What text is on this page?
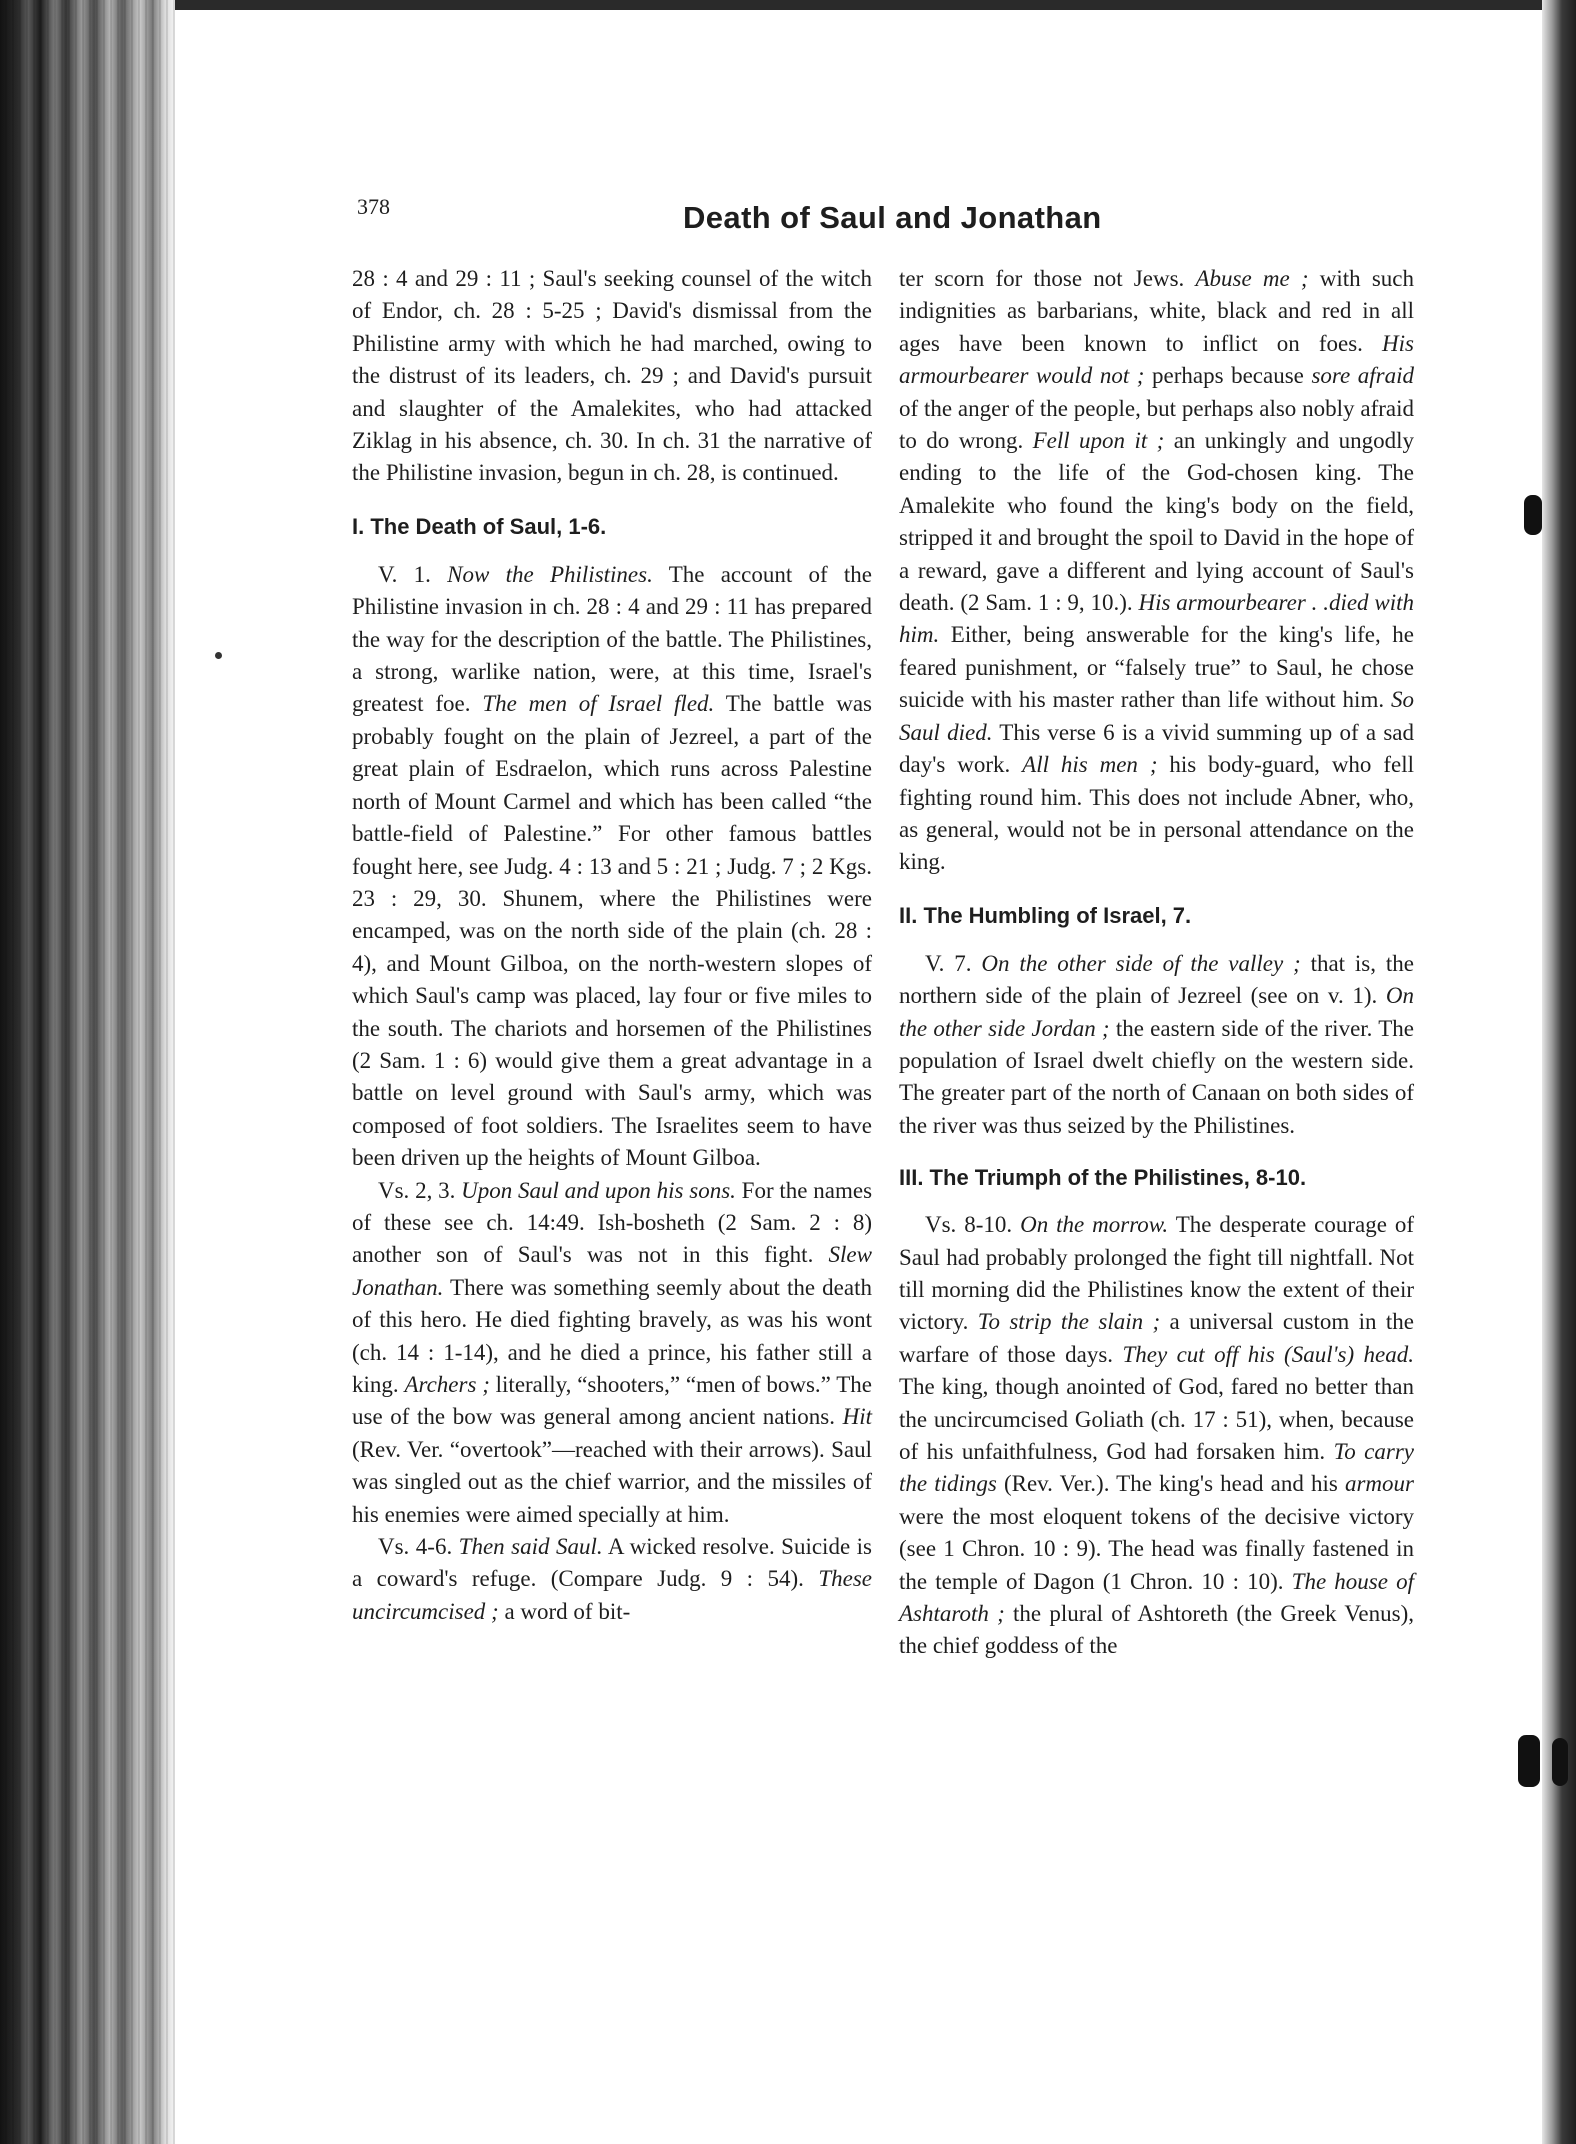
378	Death of Saul and Jonathan

28 : 4 and 29 : 11 ; Saul's seeking counsel of the witch of Endor, ch. 28 : 5-25 ; David's dismissal from the Philistine army with which he had marched, owing to the distrust of its leaders, ch. 29 ; and David's pursuit and slaughter of the Amalekites, who had attacked Ziklag in his absence, ch. 30. In ch. 31 the narrative of the Philistine invasion, begun in ch. 28, is continued.

I. The Death of Saul, 1-6.

V. 1. Now the Philistines. The account of the Philistine invasion in ch. 28 : 4 and 29 : 11 has prepared the way for the description of the battle. The Philistines, a strong, warlike nation, were, at this time, Israel's greatest foe. The men of Israel fled. The battle was probably fought on the plain of Jezreel, a part of the great plain of Esdraelon, which runs across Palestine north of Mount Carmel and which has been called “the battle-field of Palestine.” For other famous battles fought here, see Judg. 4 : 13 and 5 : 21 ; Judg. 7 ; 2 Kgs. 23 : 29, 30. Shunem, where the Philistines were encamped, was on the north side of the plain (ch. 28 : 4), and Mount Gilboa, on the north-western slopes of which Saul's camp was placed, lay four or five miles to the south. The chariots and horsemen of the Philistines (2 Sam. 1 : 6) would give them a great advantage in a battle on level ground with Saul's army, which was composed of foot soldiers. The Israelites seem to have been driven up the heights of Mount Gilboa.

Vs. 2, 3. Upon Saul and upon his sons. For the names of these see ch. 14:49. Ish-bosheth (2 Sam. 2 : 8) another son of Saul's was not in this fight. Slew Jonathan. There was something seemly about the death of this hero. He died fighting bravely, as was his wont (ch. 14 : 1-14), and he died a prince, his father still a king. Archers ; literally, “shooters,” “men of bows.” The use of the bow was general among ancient nations. Hit (Rev. Ver. “overtook”—reached with their arrows). Saul was singled out as the chief warrior, and the missiles of his enemies were aimed specially at him.

Vs. 4-6. Then said Saul. A wicked resolve. Suicide is a coward's refuge. (Compare Judg. 9 : 54). These uncircumcised ; a word of bit-

ter scorn for those not Jews. Abuse me ; with such indignities as barbarians, white, black and red in all ages have been known to inflict on foes. His armourbearer would not ; perhaps because sore afraid of the anger of the people, but perhaps also nobly afraid to do wrong. Fell upon it ; an unkingly and ungodly ending to the life of the God-chosen king. The Amalekite who found the king's body on the field, stripped it and brought the spoil to David in the hope of a reward, gave a different and lying account of Saul's death. (2 Sam. 1 : 9, 10.). His armourbearer . .died with him. Either, being answerable for the king's life, he feared punishment, or “falsely true” to Saul, he chose suicide with his master rather than life without him. So Saul died. This verse 6 is a vivid summing up of a sad day's work. All his men ; his body-guard, who fell fighting round him. This does not include Abner, who, as general, would not be in personal attendance on the king.

II. The Humbling of Israel, 7.

V. 7. On the other side of the valley ; that is, the northern side of the plain of Jezreel (see on v. 1). On the other side Jordan ; the eastern side of the river. The population of Israel dwelt chiefly on the western side. The greater part of the north of Canaan on both sides of the river was thus seized by the Philistines.

III. The Triumph of the Philistines, 8-10.

Vs. 8-10. On the morrow. The desperate courage of Saul had probably prolonged the fight till nightfall. Not till morning did the Philistines know the extent of their victory. To strip the slain ; a universal custom in the warfare of those days. They cut off his (Saul's) head. The king, though anointed of God, fared no better than the uncircumcised Goliath (ch. 17 : 51), when, because of his unfaithfulness, God had forsaken him. To carry the tidings (Rev. Ver.). The king's head and his armour were the most eloquent tokens of the decisive victory (see 1 Chron. 10 : 9). The head was finally fastened in the temple of Dagon (1 Chron. 10 : 10). The house of Ashtaroth ; the plural of Ashtoreth (the Greek Venus), the chief goddess of the
